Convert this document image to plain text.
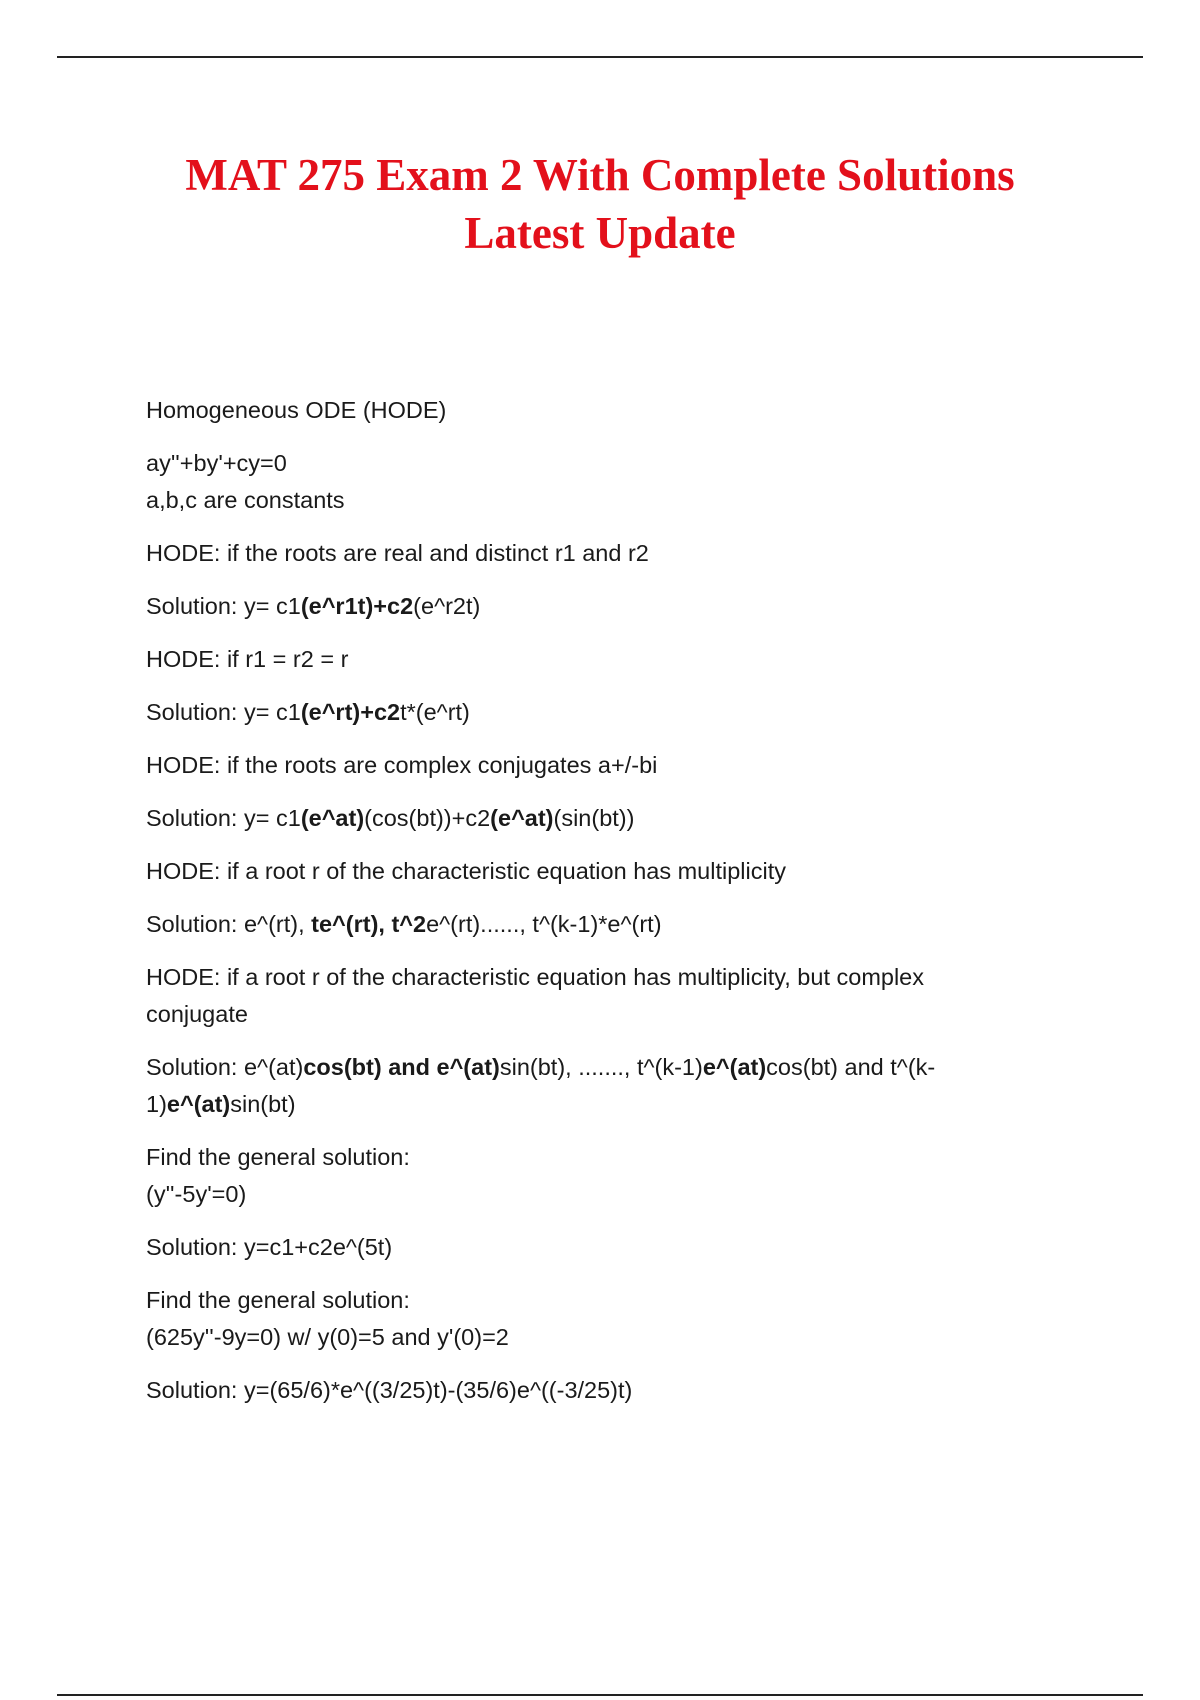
MAT 275 Exam 2 With Complete Solutions
Latest Update

Homogeneous ODE (HODE)

ay''+by'+cy=0
a,b,c are constants

HODE: if the roots are real and distinct r1 and r2

Solution: y= c1(e^r1t)+c2(e^r2t)

HODE: if r1 = r2 = r

Solution: y= c1(e^rt)+c2t*(e^rt)

HODE: if the roots are complex conjugates a+/-bi

Solution: y= c1(e^at)(cos(bt))+c2(e^at)(sin(bt))

HODE: if a root r of the characteristic equation has multiplicity

Solution: e^(rt), te^(rt), t^2e^(rt)......, t^(k-1)*e^(rt)

HODE: if a root r of the characteristic equation has multiplicity, but complex
conjugate

Solution: e^(at)cos(bt) and e^(at)sin(bt), ......., t^(k-1)e^(at)cos(bt) and t^(k-
1)e^(at)sin(bt)

Find the general solution:
(y''-5y'=0)

Solution: y=c1+c2e^(5t)

Find the general solution:
(625y''-9y=0) w/ y(0)=5 and y'(0)=2

Solution: y=(65/6)*e^((3/25)t)-(35/6)e^((-3/25)t)
